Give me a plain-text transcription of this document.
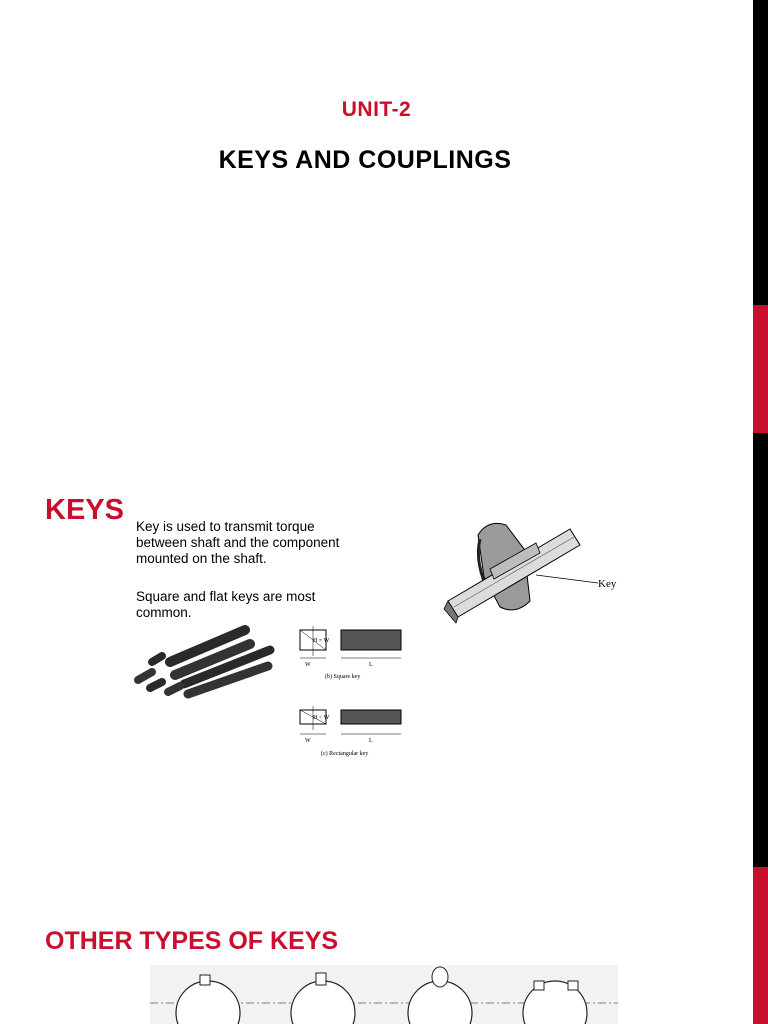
UNIT-2
KEYS AND COUPLINGS
KEYS
Key is used to transmit torque between shaft and the component mounted on the shaft.
Square and flat keys are most common.
H = W
W	L
(b) Square key
H < W
W	L
(c) Rectangular key
Key
OTHER TYPES OF KEYS
